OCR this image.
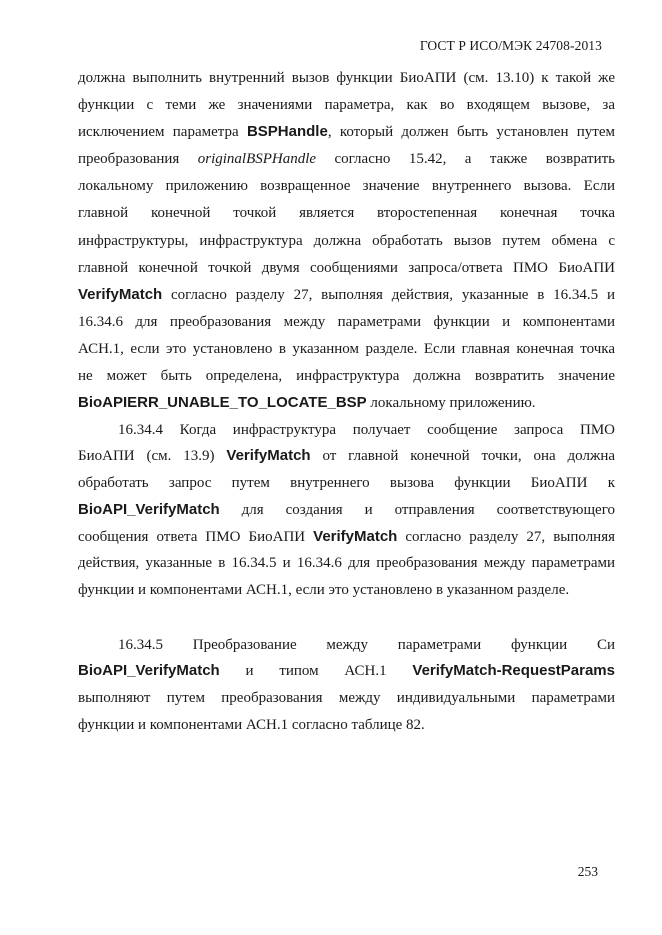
ГОСТ Р ИСО/МЭК 24708-2013
должна выполнить внутренний вызов функции БиоАПИ (см. 13.10) к такой же
функции с теми же значениями параметра, как во входящем вызове, за
исключением параметра BSPHandle, который должен быть установлен путем
преобразования originalBSPHandle согласно 15.42, а также возвратить
локальному приложению возвращенное значение внутреннего вызова. Если
главной конечной точкой является второстепенная конечная точка
инфраструктуры, инфраструктура должна обработать вызов путем обмена с
главной конечной точкой двумя сообщениями запроса/ответа ПМО БиоАПИ
VerifyMatch согласно разделу 27, выполняя действия, указанные в 16.34.5 и
16.34.6 для преобразования между параметрами функции и компонентами
АСН.1, если это установлено в указанном разделе. Если главная конечная точка
не может быть определена, инфраструктура должна возвратить значение
BioAPIERR_UNABLE_TO_LOCATE_BSP локальному приложению.
16.34.4 Когда инфраструктура получает сообщение запроса ПМО
БиоАПИ (см. 13.9) VerifyMatch от главной конечной точки, она должна
обработать запрос путем внутреннего вызова функции БиоАПИ к
BioAPI_VerifyMatch для создания и отправления соответствующего
сообщения ответа ПМО БиоАПИ VerifyMatch согласно разделу 27, выполняя
действия, указанные в 16.34.5 и 16.34.6 для преобразования между параметрами
функции и компонентами АСН.1, если это установлено в указанном разделе.
16.34.5 Преобразование между параметрами функции Си
BioAPI_VerifyMatch и типом АСН.1 VerifyMatch-RequestParams
выполняют путем преобразования между индивидуальными параметрами
функции и компонентами АСН.1 согласно таблице 82.
253
